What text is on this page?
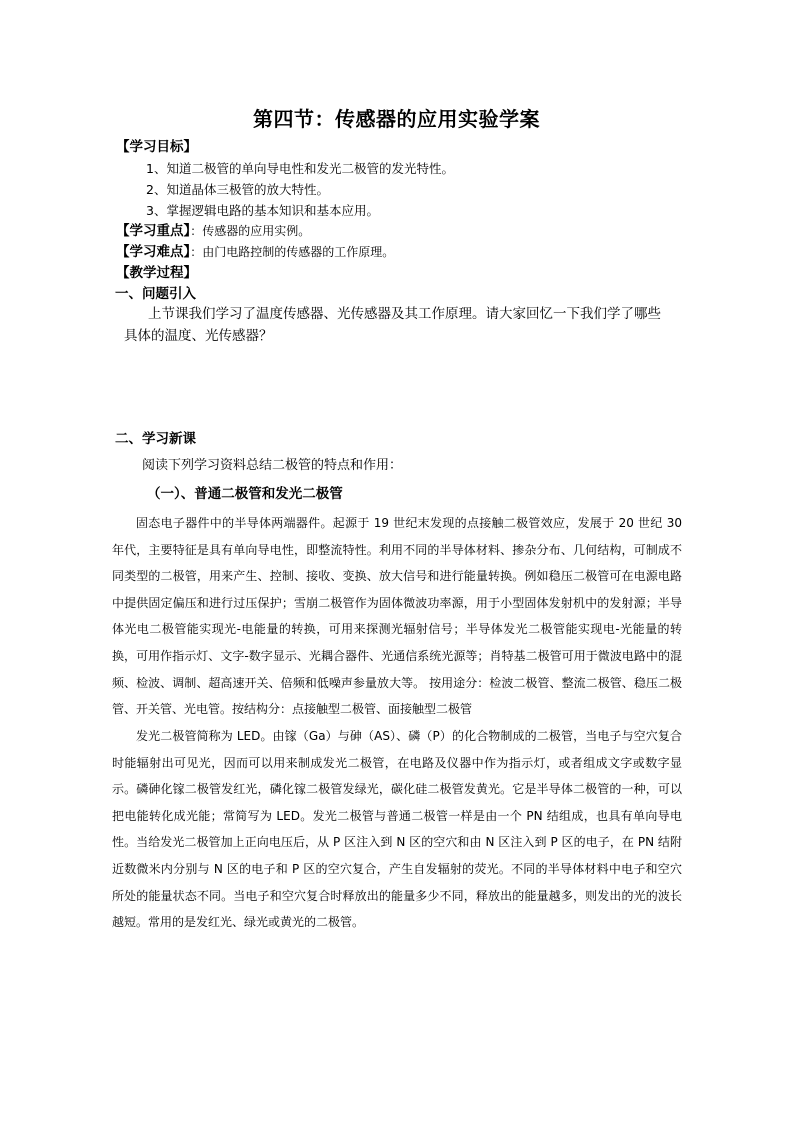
第四节：传感器的应用实验学案
【学习目标】
1、知道二极管的单向导电性和发光二极管的发光特性。
2、知道晶体三极管的放大特性。
3、掌握逻辑电路的基本知识和基本应用。
【学习重点】：传感器的应用实例。
【学习难点】：由门电路控制的传感器的工作原理。
【教学过程】
一、问题引入
上节课我们学习了温度传感器、光传感器及其工作原理。请大家回忆一下我们学了哪些
具体的温度、光传感器？
二、学习新课
阅读下列学习资料总结二极管的特点和作用：
（一）、普通二极管和发光二极管
固态电子器件中的半导体两端器件。起源于 19 世纪末发现的点接触二极管效应，发展于 20 世纪 30 年代，主要特征是具有单向导电性，即整流特性。利用不同的半导体材料、掺杂分布、几何结构，可制成不同类型的二极管，用来产生、控制、接收、变换、放大信号和进行能量转换。例如稳压二极管可在电源电路中提供固定偏压和进行过压保护；雪崩二极管作为固体微波功率源，用于小型固体发射机中的发射源；半导体光电二极管能实现光-电能量的转换，可用来探测光辐射信号；半导体发光二极管能实现电-光能量的转换，可用作指示灯、文字-数字显示、光耦合器件、光通信系统光源等；肖特基二极管可用于微波电路中的混频、检波、调制、超高速开关、倍频和低噪声参量放大等。 按用途分：检波二极管、整流二极管、稳压二极管、开关管、光电管。按结构分：点接触型二极管、面接触型二极管
发光二极管简称为 LED。由镓（Ga）与砷（AS）、磷（P）的化合物制成的二极管，当电子与空穴复合时能辐射出可见光，因而可以用来制成发光二极管，在电路及仪器中作为指示灯，或者组成文字或数字显示。磷砷化镓二极管发红光，磷化镓二极管发绿光，碳化硅二极管发黄光。它是半导体二极管的一种，可以把电能转化成光能；常简写为 LED。发光二极管与普通二极管一样是由一个 PN 结组成，也具有单向导电性。当给发光二极管加上正向电压后，从 P 区注入到 N 区的空穴和由 N 区注入到 P 区的电子，在 PN 结附近数微米内分别与 N 区的电子和 P 区的空穴复合，产生自发辐射的荧光。不同的半导体材料中电子和空穴所处的能量状态不同。当电子和空穴复合时释放出的能量多少不同，释放出的能量越多，则发出的光的波长越短。常用的是发红光、绿光或黄光的二极管。
